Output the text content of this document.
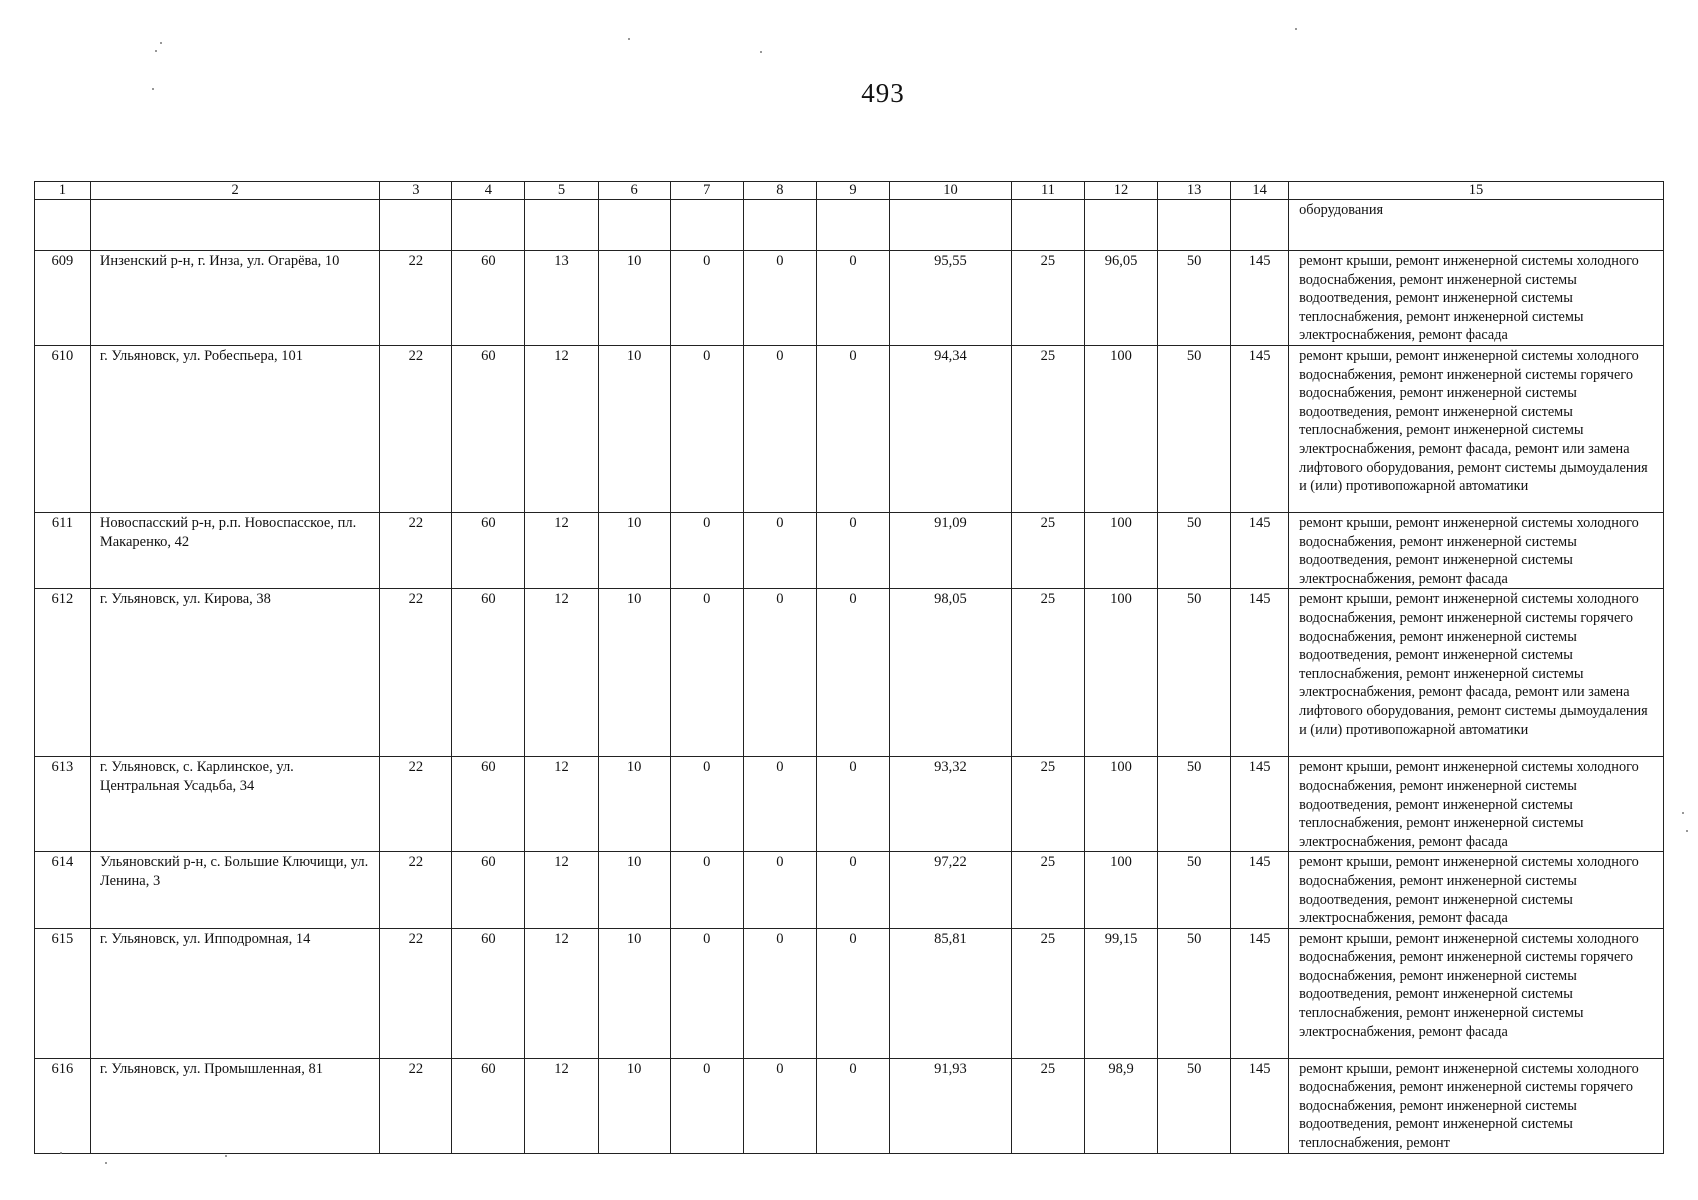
493
1	2	3	4	5	6	7	8	9	10	11	12	13	14	15
														оборудования
609	Инзенский р-н, г. Инза, ул. Огарёва, 10	22	60	13	10	0	0	0	95,55	25	96,05	50	145	ремонт крыши, ремонт инженерной системы холодного водоснабжения, ремонт инженерной системы водоотведения, ремонт инженерной системы теплоснабжения, ремонт инженерной системы электроснабжения, ремонт фасада
610	г. Ульяновск, ул. Робеспьера, 101	22	60	12	10	0	0	0	94,34	25	100	50	145	ремонт крыши, ремонт инженерной системы холодного водоснабжения, ремонт инженерной системы горячего водоснабжения, ремонт инженерной системы водоотведения, ремонт инженерной системы теплоснабжения, ремонт инженерной системы электроснабжения, ремонт фасада, ремонт или замена лифтового оборудования, ремонт системы дымоудаления и (или) противопожарной автоматики
611	Новоспасский р-н, р.п. Новоспасское, пл. Макаренко, 42	22	60	12	10	0	0	0	91,09	25	100	50	145	ремонт крыши, ремонт инженерной системы холодного водоснабжения, ремонт инженерной системы водоотведения, ремонт инженерной системы электроснабжения, ремонт фасада
612	г. Ульяновск, ул. Кирова, 38	22	60	12	10	0	0	0	98,05	25	100	50	145	ремонт крыши, ремонт инженерной системы холодного водоснабжения, ремонт инженерной системы горячего водоснабжения, ремонт инженерной системы водоотведения, ремонт инженерной системы теплоснабжения, ремонт инженерной системы электроснабжения, ремонт фасада, ремонт или замена лифтового оборудования, ремонт системы дымоудаления и (или) противопожарной автоматики
613	г. Ульяновск, с. Карлинское, ул. Центральная Усадьба, 34	22	60	12	10	0	0	0	93,32	25	100	50	145	ремонт крыши, ремонт инженерной системы холодного водоснабжения, ремонт инженерной системы водоотведения, ремонт инженерной системы теплоснабжения, ремонт инженерной системы электроснабжения, ремонт фасада
614	Ульяновский р-н, с. Большие Ключищи, ул. Ленина, 3	22	60	12	10	0	0	0	97,22	25	100	50	145	ремонт крыши, ремонт инженерной системы холодного водоснабжения, ремонт инженерной системы водоотведения, ремонт инженерной системы электроснабжения, ремонт фасада
615	г. Ульяновск, ул. Ипподромная, 14	22	60	12	10	0	0	0	85,81	25	99,15	50	145	ремонт крыши, ремонт инженерной системы холодного водоснабжения, ремонт инженерной системы горячего водоснабжения, ремонт инженерной системы водоотведения, ремонт инженерной системы теплоснабжения, ремонт инженерной системы электроснабжения, ремонт фасада
616	г. Ульяновск, ул. Промышленная, 81	22	60	12	10	0	0	0	91,93	25	98,9	50	145	ремонт крыши, ремонт инженерной системы холодного водоснабжения, ремонт инженерной системы горячего водоснабжения, ремонт инженерной системы водоотведения, ремонт инженерной системы теплоснабжения, ремонт
